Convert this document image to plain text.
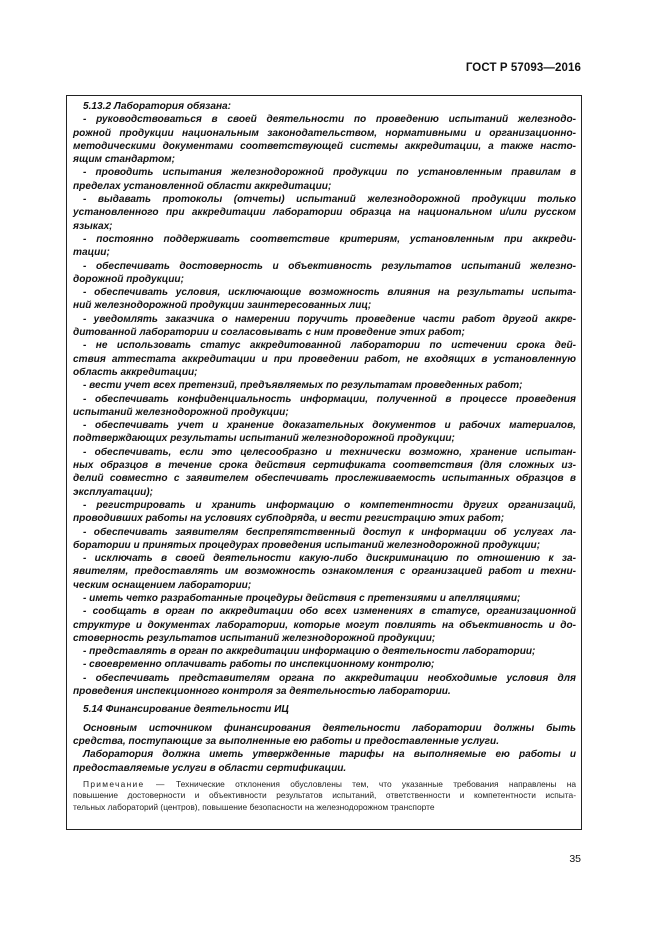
ГОСТ Р 57093—2016
5.13.2 Лаборатория обязана:
- руководствоваться в своей деятельности по проведению испытаний железнодо-
рожной продукции национальным законодательством, нормативными и организационно-
методическими документами соответствующей системы аккредитации, а также насто-
ящим стандартом;
- проводить испытания железнодорожной продукции по установленным правилам в
пределах установленной области аккредитации;
- выдавать протоколы (отчеты) испытаний железнодорожной продукции только
установленного при аккредитации лаборатории образца на национальном и/или русском
языках;
- постоянно поддерживать соответствие критериям, установленным при аккреди-
тации;
- обеспечивать достоверность и объективность результатов испытаний железно-
дорожной продукции;
- обеспечивать условия, исключающие возможность влияния на результаты испыта-
ний железнодорожной продукции заинтересованных лиц;
- уведомлять заказчика о намерении поручить проведение части работ другой аккре-
дитованной лаборатории и согласовывать с ним проведение этих работ;
- не использовать статус аккредитованной лаборатории по истечении срока дей-
ствия аттестата аккредитации и при проведении работ, не входящих в установленную
область аккредитации;
- вести учет всех претензий, предъявляемых по результатам проведенных работ;
- обеспечивать конфиденциальность информации, полученной в процессе проведения
испытаний железнодорожной продукции;
- обеспечивать учет и хранение доказательных документов и рабочих материалов,
подтверждающих результаты испытаний железнодорожной продукции;
- обеспечивать, если это целесообразно и технически возможно, хранение испытан-
ных образцов в течение срока действия сертификата соответствия (для сложных из-
делий совместно с заявителем обеспечивать прослеживаемость испытанных образцов в
эксплуатации);
- регистрировать и хранить информацию о компетентности других организаций,
проводивших работы на условиях субподряда, и вести регистрацию этих работ;
- обеспечивать заявителям беспрепятственный доступ к информации об услугах ла-
боратории и принятых процедурах проведения испытаний железнодорожной продукции;
- исключать в своей деятельности какую-либо дискриминацию по отношению к за-
явителям, предоставлять им возможность ознакомления с организацией работ и техни-
ческим оснащением лаборатории;
- иметь четко разработанные процедуры действия с претензиями и апелляциями;
- сообщать в орган по аккредитации обо всех изменениях в статусе, организационной
структуре и документах лаборатории, которые могут повлиять на объективность и до-
стоверность результатов испытаний железнодорожной продукции;
- представлять в орган по аккредитации информацию о деятельности лаборатории;
- своевременно оплачивать работы по инспекционному контролю;
- обеспечивать представителям органа по аккредитации необходимые условия для
проведения инспекционного контроля за деятельностью лаборатории.
5.14 Финансирование деятельности ИЦ
Основным источником финансирования деятельности лаборатории должны быть
средства, поступающие за выполненные ею работы и предоставленные услуги.
Лаборатория должна иметь утвержденные тарифы на выполняемые ею работы и
предоставляемые услуги в области сертификации.
Примечание — Технические отклонения обусловлены тем, что указанные требования направлены на
повышение достоверности и объективности результатов испытаний, ответственности и компетентности испыта-
тельных лабораторий (центров), повышение безопасности на железнодорожном транспорте
35
